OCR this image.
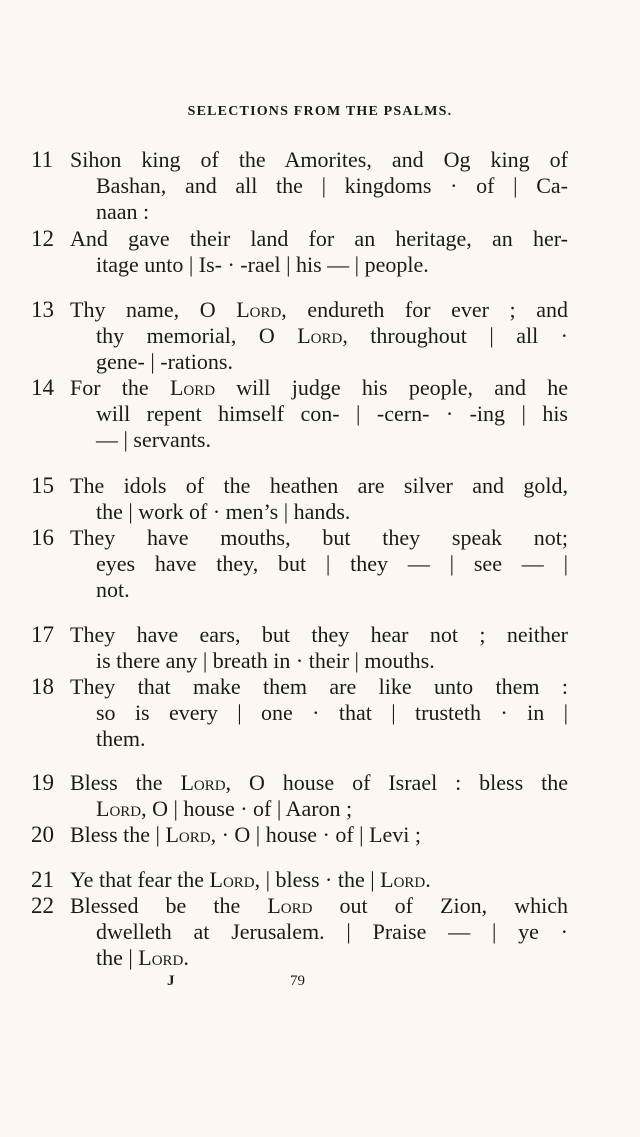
SELECTIONS FROM THE PSALMS.
11 Sihon king of the Amorites, and Og king of
Bashan, and all the | kingdoms · of | Ca-
naan :
12 And gave their land for an heritage, an her-
itage unto | Is- · -rael | his — | people.
13 Thy name, O Lord, endureth for ever ; and
thy memorial, O Lord, throughout | all ·
gene- | -rations.
14 For the Lord will judge his people, and he
will repent himself con- | -cern- · -ing | his
— | servants.
15 The idols of the heathen are silver and gold,
the | work of · men’s | hands.
16 They have mouths, but they speak not;
eyes have they, but | they — | see — |
not.
17 They have ears, but they hear not ; neither
is there any | breath in · their | mouths.
18 They that make them are like unto them :
so is every | one · that | trusteth · in |
them.
19 Bless the Lord, O house of Israel : bless the
Lord, O | house · of | Aaron ;
20 Bless the | Lord, · O | house · of | Levi ;
21 Ye that fear the Lord, | bless · the | Lord.
22 Blessed be the Lord out of Zion, which
dwelleth at Jerusalem. | Praise — | ye ·
the | Lord.
J	79
